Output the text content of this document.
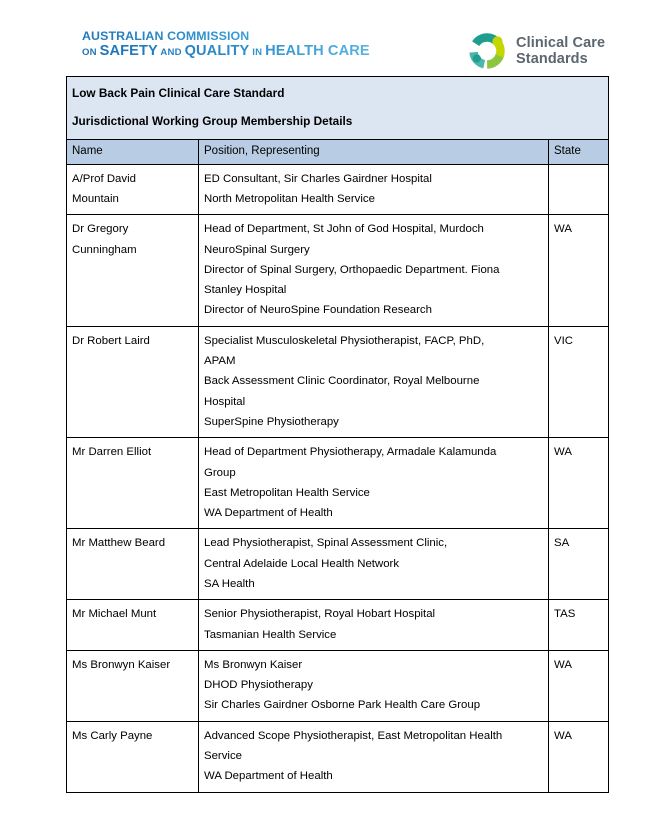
AUSTRALIAN COMMISSION
ON SAFETY AND QUALITY IN HEALTH CARE
Clinical Care
Standards
Low Back Pain Clinical Care Standard		
Jurisdictional Working Group Membership Details		
Name	Position, Representing	State

A/Prof David
Mountain	ED Consultant, Sir Charles Gairdner Hospital
North Metropolitan Health Service	

Dr Gregory
Cunningham	Head of Department, St John of God Hospital, Murdoch
NeuroSpinal Surgery
Director of Spinal Surgery, Orthopaedic Department. Fiona
Stanley Hospital
Director of NeuroSpine Foundation Research	WA

Dr Robert Laird	Specialist Musculoskeletal Physiotherapist, FACP, PhD,
APAM
Back Assessment Clinic Coordinator, Royal Melbourne
Hospital
SuperSpine Physiotherapy	VIC

Mr Darren Elliot	Head of Department Physiotherapy, Armadale Kalamunda
Group
East Metropolitan Health Service
WA Department of Health	WA

Mr Matthew Beard	Lead Physiotherapist, Spinal Assessment Clinic,
Central Adelaide Local Health Network
SA Health	SA

Mr Michael Munt	Senior Physiotherapist, Royal Hobart Hospital
Tasmanian Health Service	TAS

Ms Bronwyn Kaiser	Ms Bronwyn Kaiser
DHOD Physiotherapy
Sir Charles Gairdner Osborne Park Health Care Group	WA

Ms Carly Payne	Advanced Scope Physiotherapist, East Metropolitan Health
Service
WA Department of Health	WA
